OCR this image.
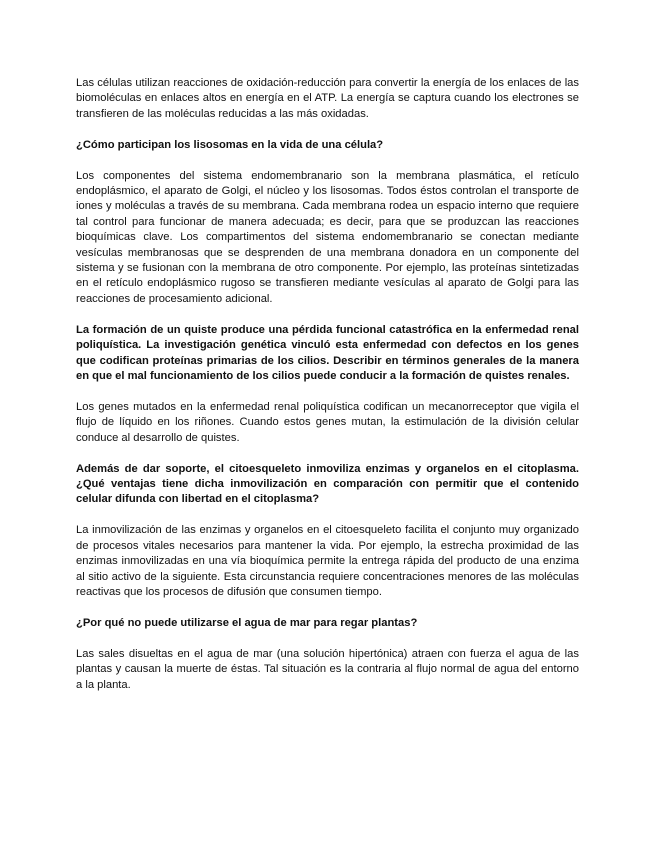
Las células utilizan reacciones de oxidación-reducción para convertir la energía de los enlaces de las biomoléculas en enlaces altos en energía en el ATP. La energía se captura cuando los electrones se transfieren de las moléculas reducidas a las más oxidadas.

¿Cómo participan los lisosomas en la vida de una célula?

Los componentes del sistema endomembranario son la membrana plasmática, el retículo endoplásmico, el aparato de Golgi, el núcleo y los lisosomas. Todos éstos controlan el transporte de iones y moléculas a través de su membrana. Cada membrana rodea un espacio interno que requiere tal control para funcionar de manera adecuada; es decir, para que se produzcan las reacciones bioquímicas clave. Los compartimentos del sistema endomembranario se conectan mediante vesículas membranosas que se desprenden de una membrana donadora en un componente del sistema y se fusionan con la membrana de otro componente. Por ejemplo, las proteínas sintetizadas en el retículo endoplásmico rugoso se transfieren mediante vesículas al aparato de Golgi para las reacciones de procesamiento adicional.

La formación de un quiste produce una pérdida funcional catastrófica en la enfermedad renal poliquística. La investigación genética vinculó esta enfermedad con defectos en los genes que codifican proteínas primarias de los cilios. Describir en términos generales de la manera en que el mal funcionamiento de los cilios puede conducir a la formación de quistes renales.

Los genes mutados en la enfermedad renal poliquística codifican un mecanorreceptor que vigila el flujo de líquido en los riñones. Cuando estos genes mutan, la estimulación de la división celular conduce al desarrollo de quistes.

Además de dar soporte, el citoesqueleto inmoviliza enzimas y organelos en el citoplasma. ¿Qué ventajas tiene dicha inmovilización en comparación con permitir que el contenido celular difunda con libertad en el citoplasma?

La inmovilización de las enzimas y organelos en el citoesqueleto facilita el conjunto muy organizado de procesos vitales necesarios para mantener la vida. Por ejemplo, la estrecha proximidad de las enzimas inmovilizadas en una vía bioquímica permite la entrega rápida del producto de una enzima al sitio activo de la siguiente. Esta circunstancia requiere concentraciones menores de las moléculas reactivas que los procesos de difusión que consumen tiempo.

¿Por qué no puede utilizarse el agua de mar para regar plantas?

Las sales disueltas en el agua de mar (una solución hipertónica) atraen con fuerza el agua de las plantas y causan la muerte de éstas. Tal situación es la contraria al flujo normal de agua del entorno a la planta.
